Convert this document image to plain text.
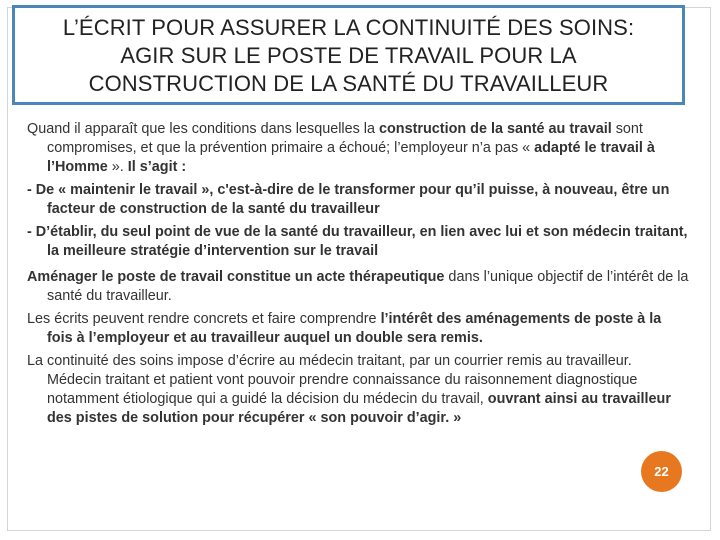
L’ÉCRIT POUR ASSURER LA CONTINUITÉ DES SOINS:
AGIR SUR LE POSTE DE TRAVAIL POUR LA
CONSTRUCTION DE LA SANTÉ DU TRAVAILLEUR

Quand il apparaît que les conditions dans lesquelles la construction de la santé au travail sont compromises, et que la prévention primaire a échoué; l’employeur n’a pas « adapté le travail à l’Homme ». Il s’agit :

- De « maintenir le travail », c'est-à-dire de le transformer pour qu’il puisse, à nouveau, être un facteur de construction de la santé du travailleur

- D’établir, du seul point de vue de la santé du travailleur, en lien avec lui et son médecin traitant, la meilleure stratégie d’intervention sur le travail

Aménager le poste de travail constitue un acte thérapeutique dans l’unique objectif de l’intérêt de la santé du travailleur.

Les écrits peuvent rendre concrets et faire comprendre l’intérêt des aménagements de poste à la fois à l’employeur et au travailleur auquel un double sera remis.

La continuité des soins impose d’écrire au médecin traitant, par un courrier remis au travailleur. Médecin traitant et patient vont pouvoir prendre connaissance du raisonnement diagnostique notamment étiologique qui a guidé la décision du médecin du travail, ouvrant ainsi au travailleur des pistes de solution pour récupérer « son pouvoir d’agir. »

22
